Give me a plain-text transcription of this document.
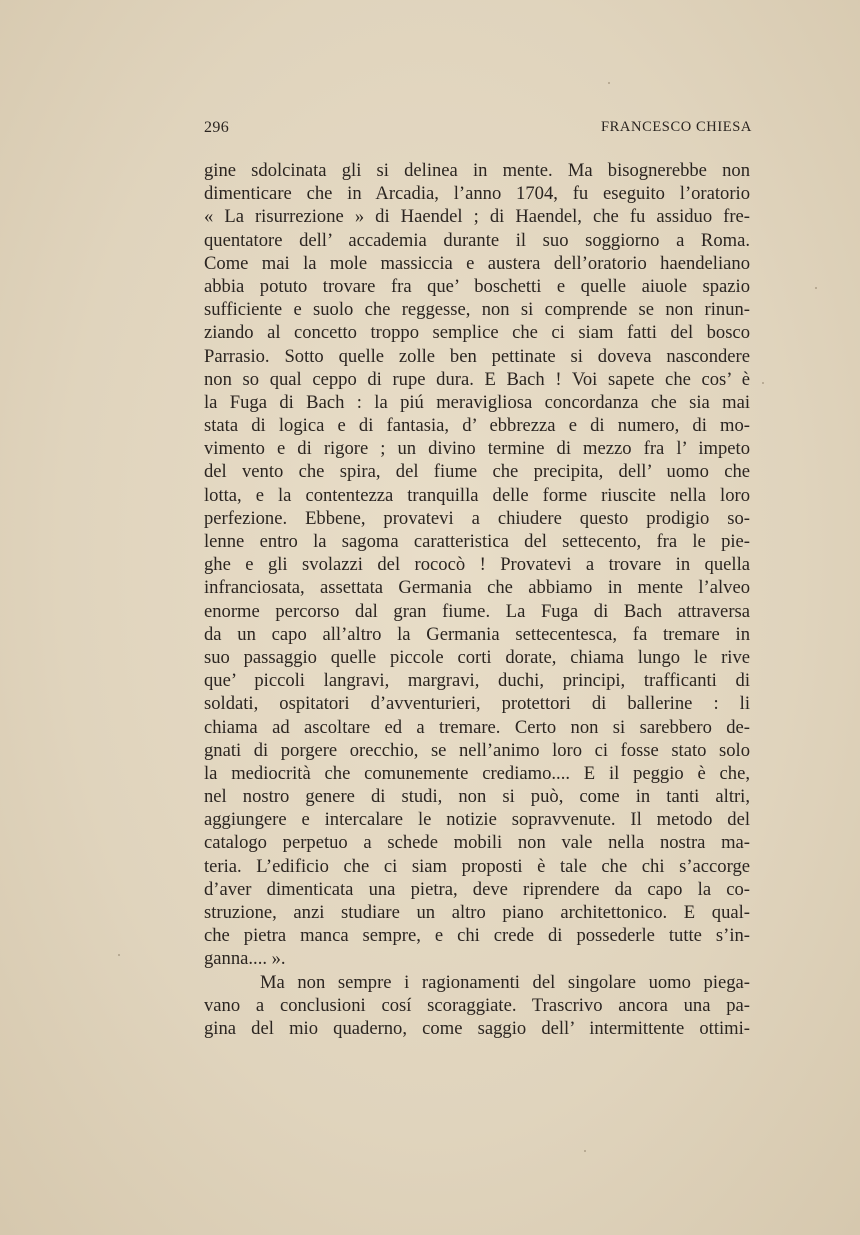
296	FRANCESCO CHIESA
gine sdolcinata gli si delinea in mente. Ma bisognerebbe non
dimenticare che in Arcadia, l’anno 1704, fu eseguito l’oratorio
« La risurrezione » di Haendel ; di Haendel, che fu assiduo fre-
quentatore dell’ accademia durante il suo soggiorno a Roma.
Come mai la mole massiccia e austera dell’oratorio haendeliano
abbia potuto trovare fra que’ boschetti e quelle aiuole spazio
sufficiente e suolo che reggesse, non si comprende se non rinun-
ziando al concetto troppo semplice che ci siam fatti del bosco
Parrasio. Sotto quelle zolle ben pettinate si doveva nascondere
non so qual ceppo di rupe dura. E Bach ! Voi sapete che cos’ è
la Fuga di Bach : la piú meravigliosa concordanza che sia mai
stata di logica e di fantasia, d’ ebbrezza e di numero, di mo-
vimento e di rigore ; un divino termine di mezzo fra l’ impeto
del vento che spira, del fiume che precipita, dell’ uomo che
lotta, e la contentezza tranquilla delle forme riuscite nella loro
perfezione. Ebbene, provatevi a chiudere questo prodigio so-
lenne entro la sagoma caratteristica del settecento, fra le pie-
ghe e gli svolazzi del rococò ! Provatevi a trovare in quella
infranciosata, assettata Germania che abbiamo in mente l’alveo
enorme percorso dal gran fiume. La Fuga di Bach attraversa
da un capo all’altro la Germania settecentesca, fa tremare in
suo passaggio quelle piccole corti dorate, chiama lungo le rive
que’ piccoli langravi, margravi, duchi, principi, trafficanti di
soldati, ospitatori d’avventurieri, protettori di ballerine : li
chiama ad ascoltare ed a tremare. Certo non si sarebbero de-
gnati di porgere orecchio, se nell’animo loro ci fosse stato solo
la mediocrità che comunemente crediamo.... E il peggio è che,
nel nostro genere di studi, non si può, come in tanti altri,
aggiungere e intercalare le notizie sopravvenute. Il metodo del
catalogo perpetuo a schede mobili non vale nella nostra ma-
teria. L’edificio che ci siam proposti è tale che chi s’accorge
d’aver dimenticata una pietra, deve riprendere da capo la co-
struzione, anzi studiare un altro piano architettonico. E qual-
che pietra manca sempre, e chi crede di possederle tutte s’in-
ganna.... ».
Ma non sempre i ragionamenti del singolare uomo piega-
vano a conclusioni cosí scoraggiate. Trascrivo ancora una pa-
gina del mio quaderno, come saggio dell’ intermittente ottimi-
